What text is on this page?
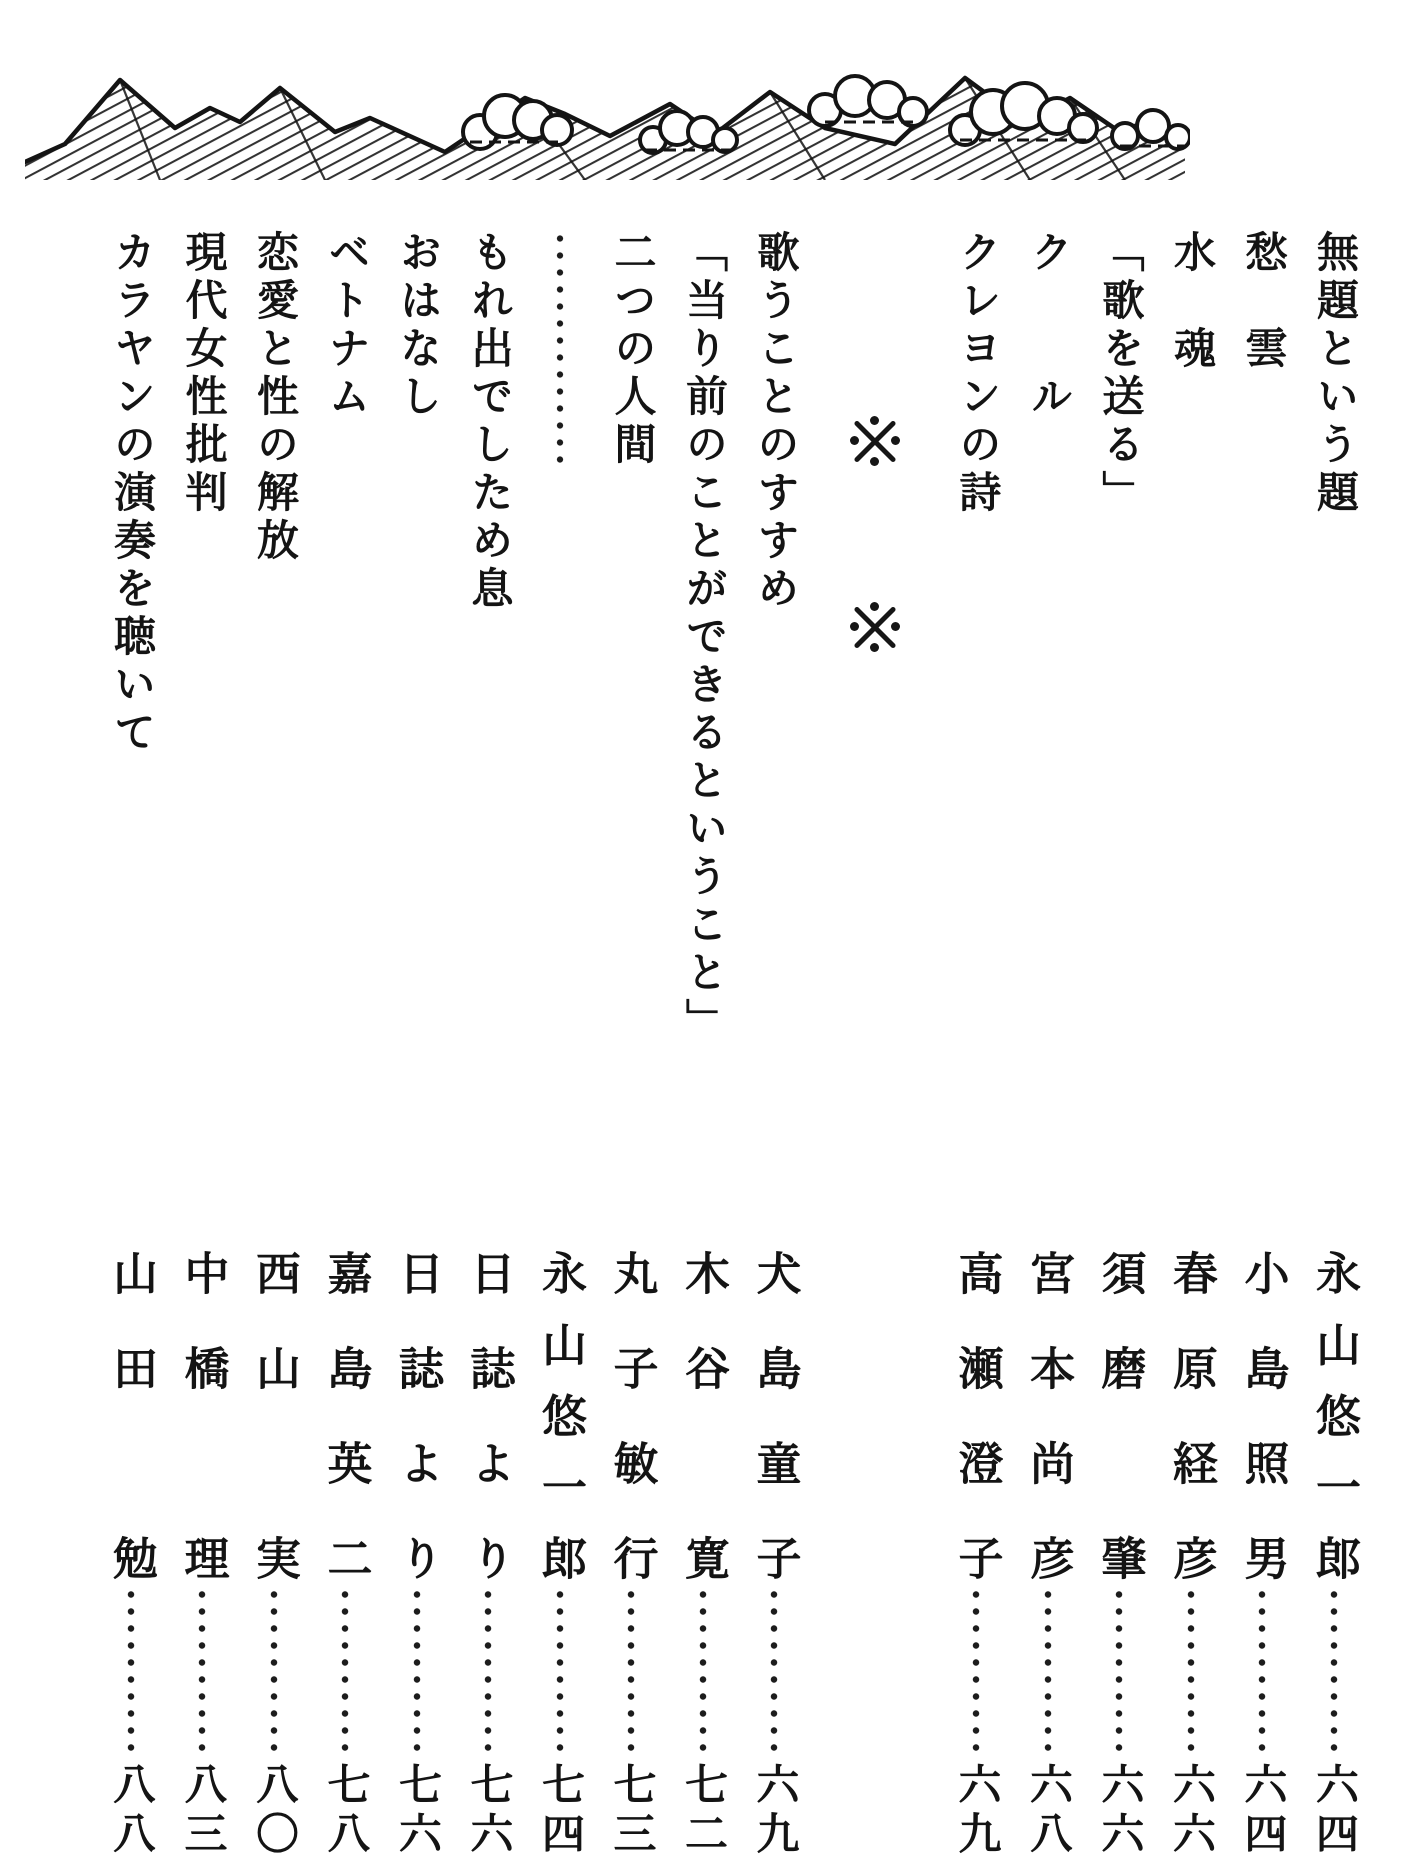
無題という題
永山悠一郎
六四
愁　雲
小島照男
六四
水　魂
春原経彦
六六
「歌を送る」
須磨　肇
六六
ク　　ル
宮本尚彦
六八
クレヨンの詩
高瀬澄子
六九
歌うことのすすめ
犬島童子
六九
「当り前のことができるということ」
木谷　寛
七二
二つの人間
丸子敏行
七三
永山悠一郎
七四
もれ出でしため息
日誌より
七六
おはなし
日誌より
七六
ベトナム
嘉島英二
七八
恋愛と性の解放
西山　実
八〇
現代女性批判
中橋　理
八三
カラヤンの演奏を聴いて
山田　勉
八八
